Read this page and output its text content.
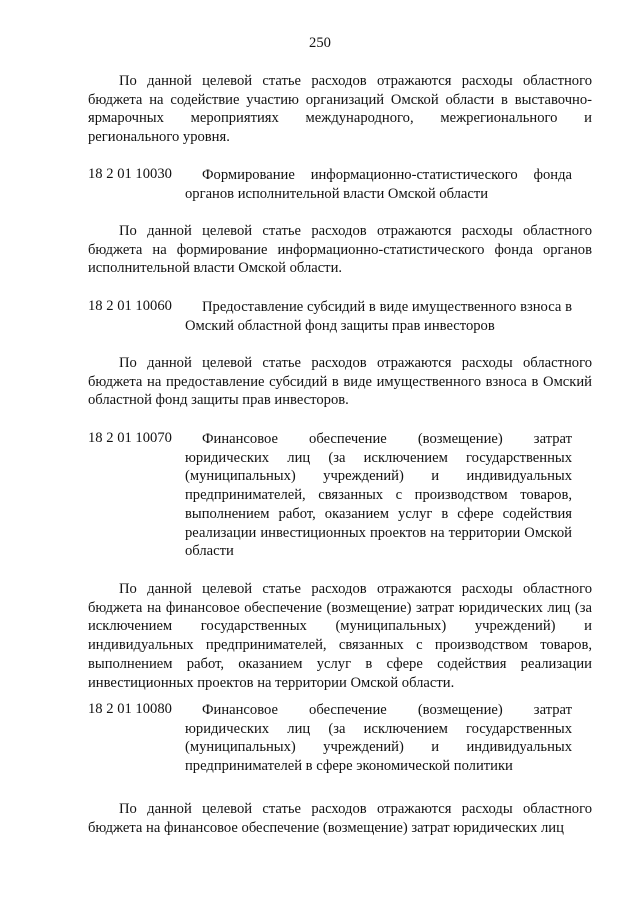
250

По данной целевой статье расходов отражаются расходы областного бюджета на содействие участию организаций Омской области в выставочно-ярмарочных мероприятиях международного, межрегионального и регионального уровня.

18 2 01 10030	Формирование информационно-статистического фонда органов исполнительной власти Омской области

По данной целевой статье расходов отражаются расходы областного бюджета на формирование информационно-статистического фонда органов исполнительной власти Омской области.

18 2 01 10060	Предоставление субсидий в виде имущественного взноса в Омский областной фонд защиты прав инвесторов

По данной целевой статье расходов отражаются расходы областного бюджета на предоставление субсидий в виде имущественного взноса в Омский областной фонд защиты прав инвесторов.

18 2 01 10070	Финансовое обеспечение (возмещение) затрат юридических лиц (за исключением государственных (муниципальных) учреждений) и индивидуальных предпринимателей, связанных с производством товаров, выполнением работ, оказанием услуг в сфере содействия реализации инвестиционных проектов на территории Омской области

По данной целевой статье расходов отражаются расходы областного бюджета на финансовое обеспечение (возмещение) затрат юридических лиц (за исключением государственных (муниципальных) учреждений) и индивидуальных предпринимателей, связанных с производством товаров, выполнением работ, оказанием услуг в сфере содействия реализации инвестиционных проектов на территории Омской области.

18 2 01 10080	Финансовое обеспечение (возмещение) затрат юридических лиц (за исключением государственных (муниципальных) учреждений) и индивидуальных предпринимателей в сфере экономической политики

По данной целевой статье расходов отражаются расходы областного бюджета на финансовое обеспечение (возмещение) затрат юридических лиц
